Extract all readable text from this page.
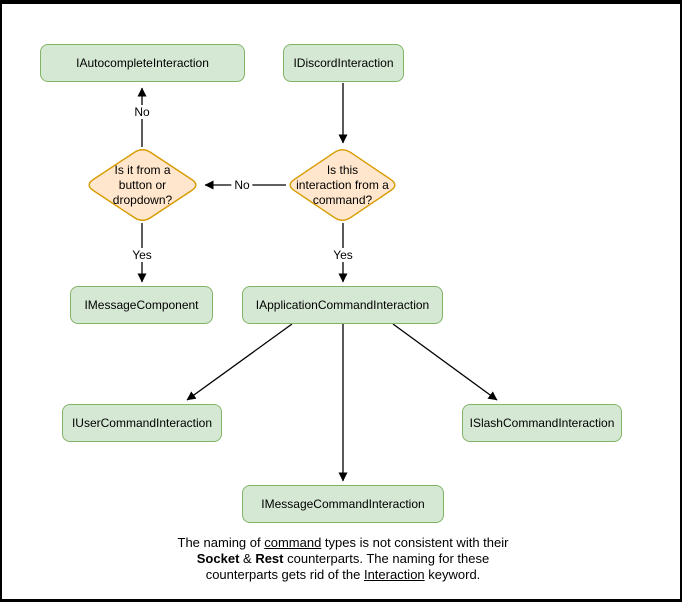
IAutocompleteInteraction	IDiscordInteraction
IMessageComponent	IApplicationCommandInteraction
IUserCommandInteraction	ISlashCommandInteraction
IMessageCommandInteraction
Is it from a
button or
dropdown?
Is this
interaction from a
command?
No
No
Yes	Yes
The naming of command types is not consistent with their
Socket & Rest counterparts. The naming for these
counterparts gets rid of the Interaction keyword.
